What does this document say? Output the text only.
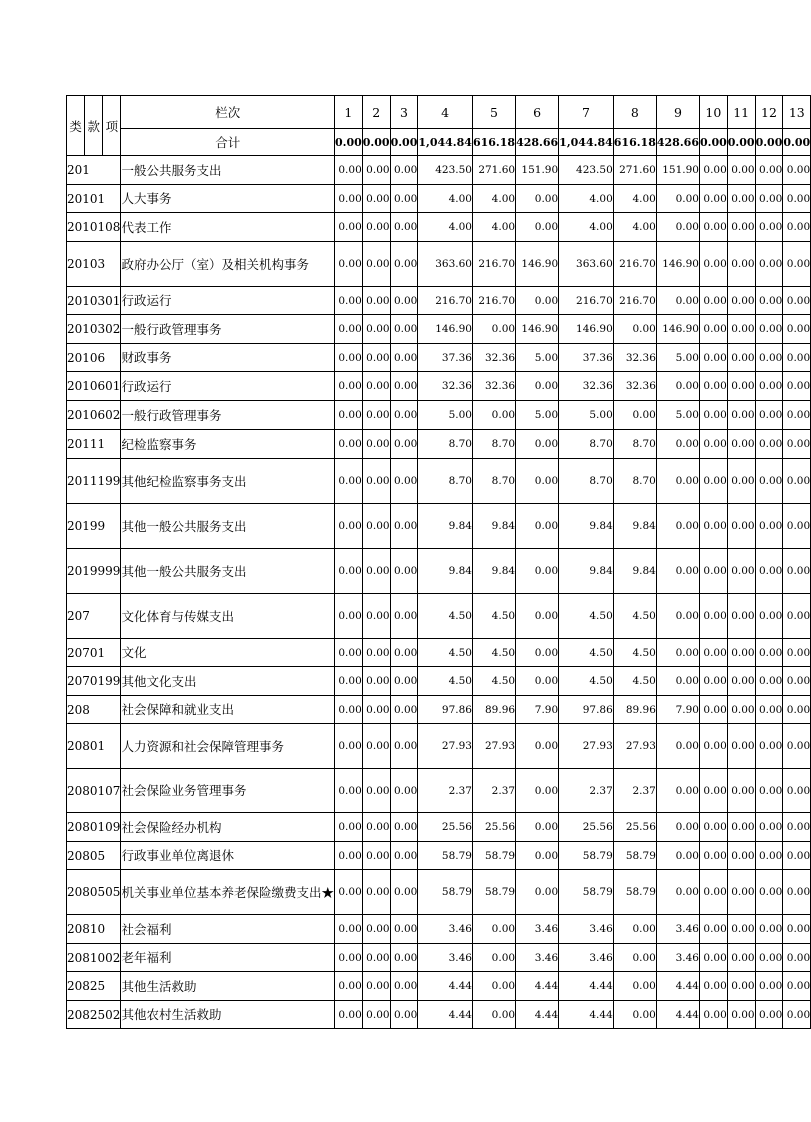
类	款	项	栏次	1	2	3	4	5	6	7	8	9	10	11	12	13
			合计	0.00	0.00	0.00	1,044.84	616.18	428.66	1,044.84	616.18	428.66	0.00	0.00	0.00	0.00
201			一般公共服务支出	0.00	0.00	0.00	423.50	271.60	151.90	423.50	271.60	151.90	0.00	0.00	0.00	0.00
20101			人大事务	0.00	0.00	0.00	4.00	4.00	0.00	4.00	4.00	0.00	0.00	0.00	0.00	0.00
2010108			代表工作	0.00	0.00	0.00	4.00	4.00	0.00	4.00	4.00	0.00	0.00	0.00	0.00	0.00
20103			政府办公厅（室）及相关机构事务	0.00	0.00	0.00	363.60	216.70	146.90	363.60	216.70	146.90	0.00	0.00	0.00	0.00
2010301			行政运行	0.00	0.00	0.00	216.70	216.70	0.00	216.70	216.70	0.00	0.00	0.00	0.00	0.00
2010302			一般行政管理事务	0.00	0.00	0.00	146.90	0.00	146.90	146.90	0.00	146.90	0.00	0.00	0.00	0.00
20106			财政事务	0.00	0.00	0.00	37.36	32.36	5.00	37.36	32.36	5.00	0.00	0.00	0.00	0.00
2010601			行政运行	0.00	0.00	0.00	32.36	32.36	0.00	32.36	32.36	0.00	0.00	0.00	0.00	0.00
2010602			一般行政管理事务	0.00	0.00	0.00	5.00	0.00	5.00	5.00	0.00	5.00	0.00	0.00	0.00	0.00
20111			纪检监察事务	0.00	0.00	0.00	8.70	8.70	0.00	8.70	8.70	0.00	0.00	0.00	0.00	0.00
2011199			其他纪检监察事务支出	0.00	0.00	0.00	8.70	8.70	0.00	8.70	8.70	0.00	0.00	0.00	0.00	0.00
20199			其他一般公共服务支出	0.00	0.00	0.00	9.84	9.84	0.00	9.84	9.84	0.00	0.00	0.00	0.00	0.00
2019999			其他一般公共服务支出	0.00	0.00	0.00	9.84	9.84	0.00	9.84	9.84	0.00	0.00	0.00	0.00	0.00
207			文化体育与传媒支出	0.00	0.00	0.00	4.50	4.50	0.00	4.50	4.50	0.00	0.00	0.00	0.00	0.00
20701			文化	0.00	0.00	0.00	4.50	4.50	0.00	4.50	4.50	0.00	0.00	0.00	0.00	0.00
2070199			其他文化支出	0.00	0.00	0.00	4.50	4.50	0.00	4.50	4.50	0.00	0.00	0.00	0.00	0.00
208			社会保障和就业支出	0.00	0.00	0.00	97.86	89.96	7.90	97.86	89.96	7.90	0.00	0.00	0.00	0.00
20801			人力资源和社会保障管理事务	0.00	0.00	0.00	27.93	27.93	0.00	27.93	27.93	0.00	0.00	0.00	0.00	0.00
2080107			社会保险业务管理事务	0.00	0.00	0.00	2.37	2.37	0.00	2.37	2.37	0.00	0.00	0.00	0.00	0.00
2080109			社会保险经办机构	0.00	0.00	0.00	25.56	25.56	0.00	25.56	25.56	0.00	0.00	0.00	0.00	0.00
20805			行政事业单位离退休	0.00	0.00	0.00	58.79	58.79	0.00	58.79	58.79	0.00	0.00	0.00	0.00	0.00
2080505			机关事业单位基本养老保险缴费支出★	0.00	0.00	0.00	58.79	58.79	0.00	58.79	58.79	0.00	0.00	0.00	0.00	0.00
20810			社会福利	0.00	0.00	0.00	3.46	0.00	3.46	3.46	0.00	3.46	0.00	0.00	0.00	0.00
2081002			老年福利	0.00	0.00	0.00	3.46	0.00	3.46	3.46	0.00	3.46	0.00	0.00	0.00	0.00
20825			其他生活救助	0.00	0.00	0.00	4.44	0.00	4.44	4.44	0.00	4.44	0.00	0.00	0.00	0.00
2082502			其他农村生活救助	0.00	0.00	0.00	4.44	0.00	4.44	4.44	0.00	4.44	0.00	0.00	0.00	0.00
